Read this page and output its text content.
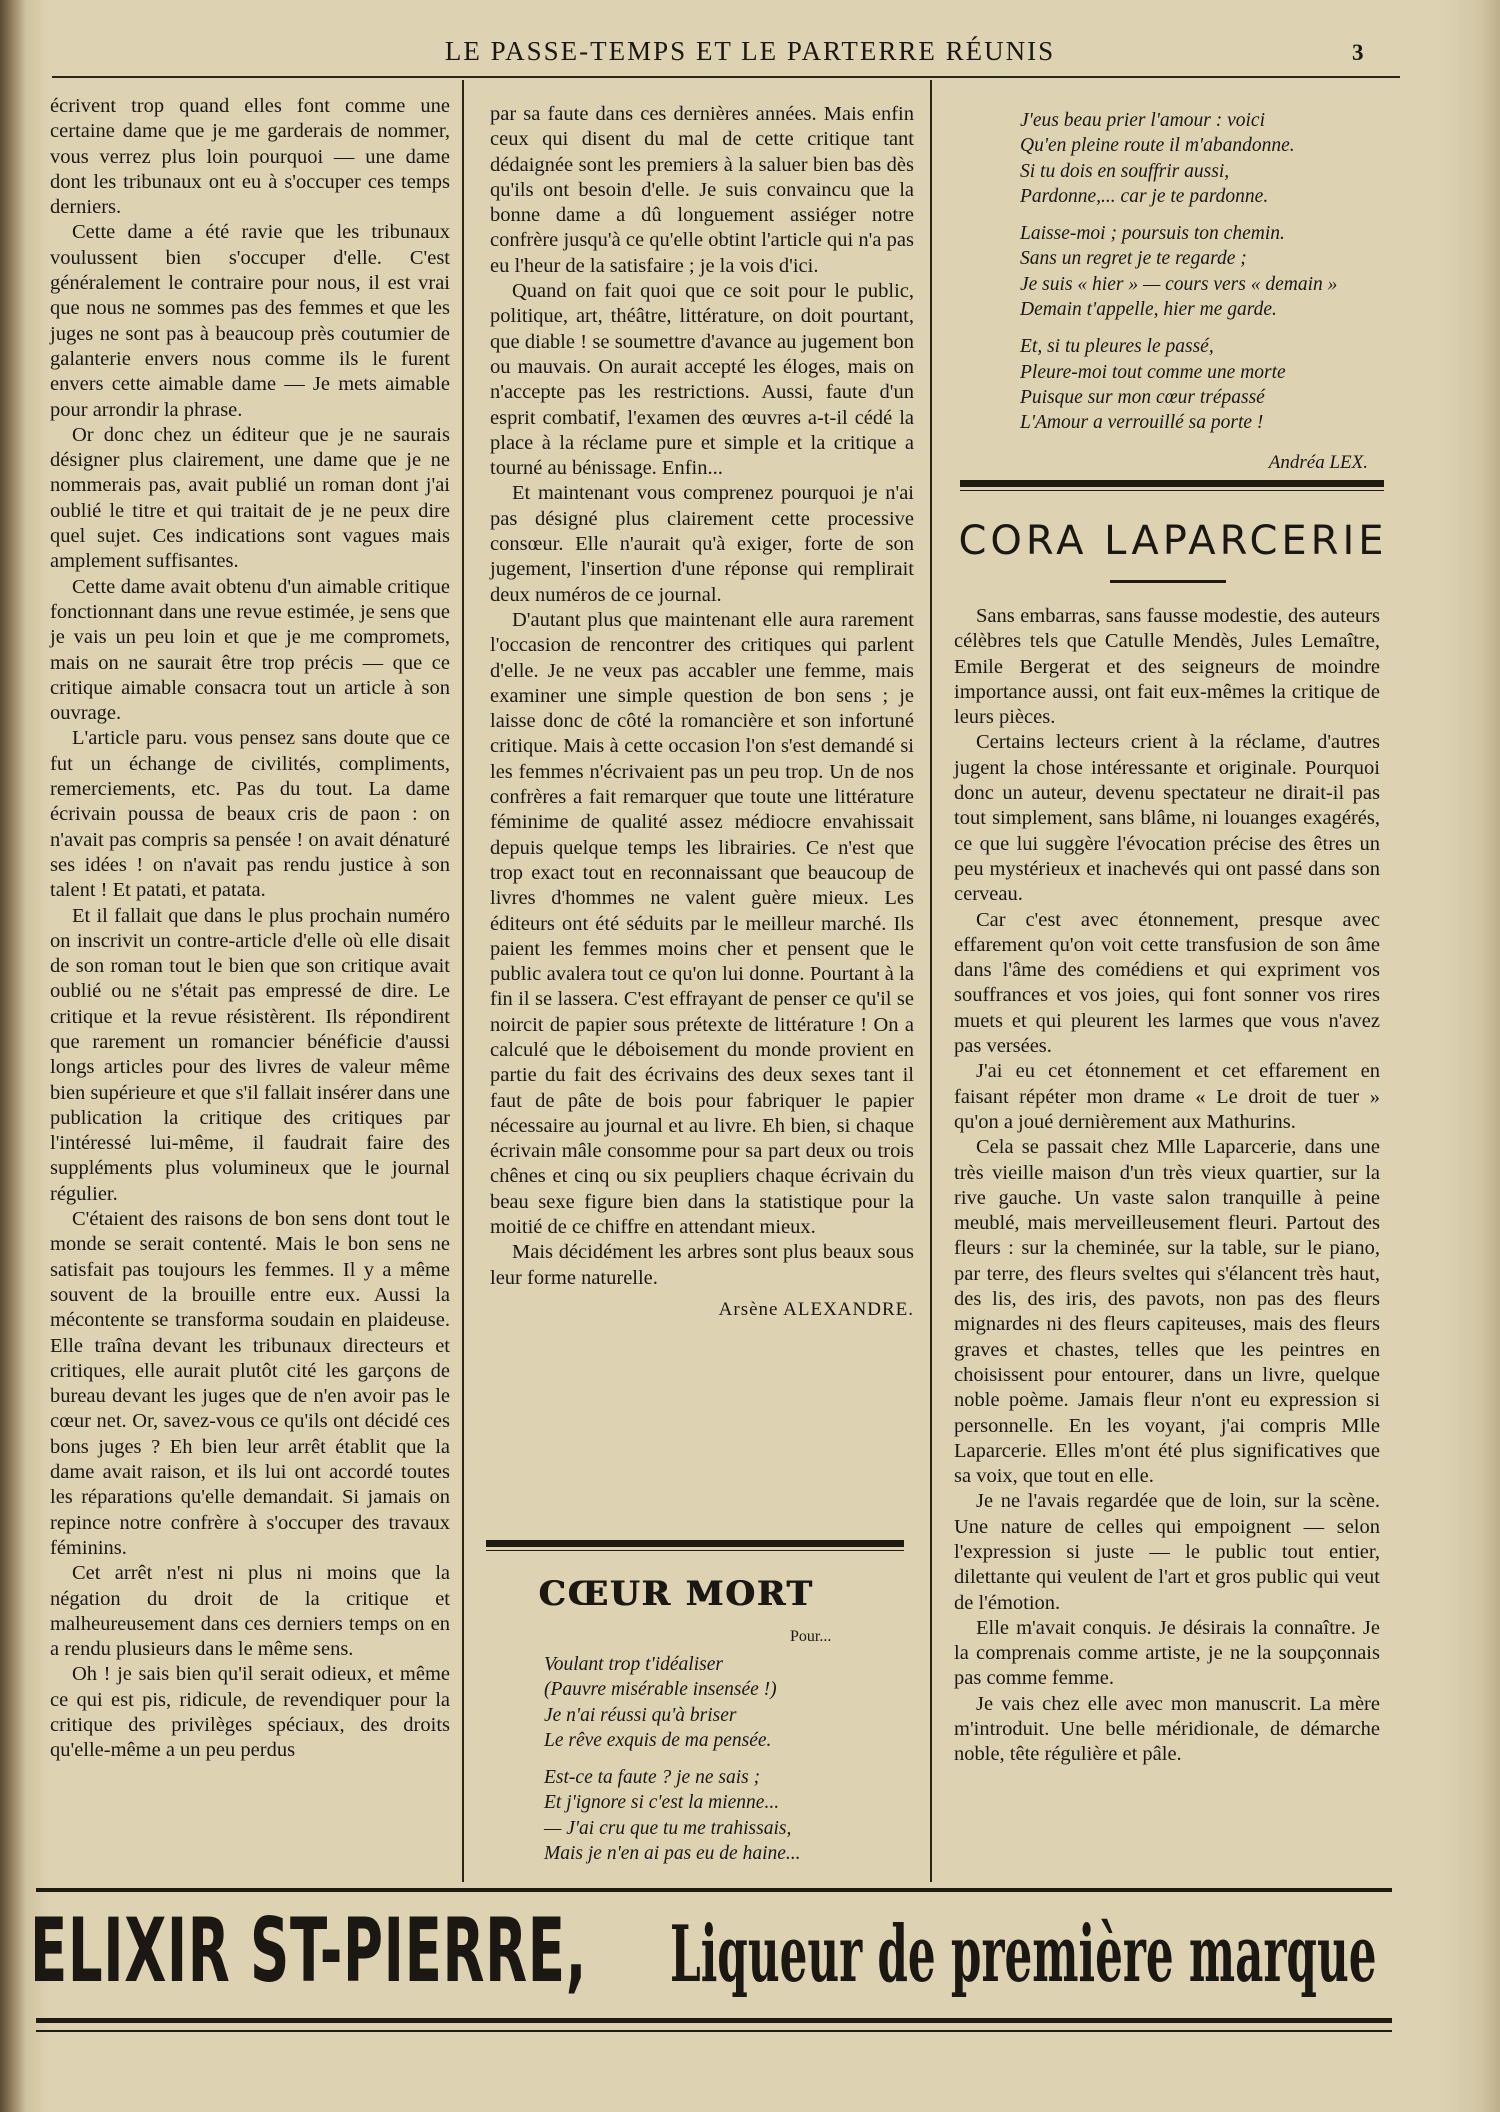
LE PASSE-TEMPS ET LE PARTERRE RÉUNIS	3

écrivent trop quand elles font comme une certaine dame que je me garderais de nommer, vous verrez plus loin pourquoi — une dame dont les tribunaux ont eu à s'occuper ces temps derniers.

Cette dame a été ravie que les tribunaux voulussent bien s'occuper d'elle. C'est généralement le contraire pour nous, il est vrai que nous ne sommes pas des femmes et que les juges ne sont pas à beaucoup près coutumier de galanterie envers nous comme ils le furent envers cette aimable dame — Je mets aimable pour arrondir la phrase.

Or donc chez un éditeur que je ne saurais désigner plus clairement, une dame que je ne nommerais pas, avait publié un roman dont j'ai oublié le titre et qui traitait de je ne peux dire quel sujet. Ces indications sont vagues mais amplement suffisantes.

Cette dame avait obtenu d'un aimable critique fonctionnant dans une revue estimée, je sens que je vais un peu loin et que je me compromets, mais on ne saurait être trop précis — que ce critique aimable consacra tout un article à son ouvrage.

L'article paru. vous pensez sans doute que ce fut un échange de civilités, compliments, remerciements, etc. Pas du tout. La dame écrivain poussa de beaux cris de paon : on n'avait pas compris sa pensée ! on avait dénaturé ses idées ! on n'avait pas rendu justice à son talent ! Et patati, et patata.

Et il fallait que dans le plus prochain numéro on inscrivit un contre-article d'elle où elle disait de son roman tout le bien que son critique avait oublié ou ne s'était pas empressé de dire. Le critique et la revue résistèrent. Ils répondirent que rarement un romancier bénéficie d'aussi longs articles pour des livres de valeur même bien supérieure et que s'il fallait insérer dans une publication la critique des critiques par l'intéressé lui-même, il faudrait faire des suppléments plus volumineux que le journal régulier.

C'étaient des raisons de bon sens dont tout le monde se serait contenté. Mais le bon sens ne satisfait pas toujours les femmes. Il y a même souvent de la brouille entre eux. Aussi la mécontente se transforma soudain en plaideuse. Elle traîna devant les tribunaux directeurs et critiques, elle aurait plutôt cité les garçons de bureau devant les juges que de n'en avoir pas le cœur net. Or, savez-vous ce qu'ils ont décidé ces bons juges ? Eh bien leur arrêt établit que la dame avait raison, et ils lui ont accordé toutes les réparations qu'elle demandait. Si jamais on repince notre confrère à s'occuper des travaux féminins.

Cet arrêt n'est ni plus ni moins que la négation du droit de la critique et malheureusement dans ces derniers temps on en a rendu plusieurs dans le même sens.

Oh ! je sais bien qu'il serait odieux, et même ce qui est pis, ridicule, de revendiquer pour la critique des privilèges spéciaux, des droits qu'elle-même a un peu perdus

par sa faute dans ces dernières années. Mais enfin ceux qui disent du mal de cette critique tant dédaignée sont les premiers à la saluer bien bas dès qu'ils ont besoin d'elle. Je suis convaincu que la bonne dame a dû longuement assiéger notre confrère jusqu'à ce qu'elle obtint l'article qui n'a pas eu l'heur de la satisfaire ; je la vois d'ici.

Quand on fait quoi que ce soit pour le public, politique, art, théâtre, littérature, on doit pourtant, que diable ! se soumettre d'avance au jugement bon ou mauvais. On aurait accepté les éloges, mais on n'accepte pas les restrictions. Aussi, faute d'un esprit combatif, l'examen des œuvres a-t-il cédé la place à la réclame pure et simple et la critique a tourné au bénissage. Enfin...

Et maintenant vous comprenez pourquoi je n'ai pas désigné plus clairement cette processive consœur. Elle n'aurait qu'à exiger, forte de son jugement, l'insertion d'une réponse qui remplirait deux numéros de ce journal.

D'autant plus que maintenant elle aura rarement l'occasion de rencontrer des critiques qui parlent d'elle. Je ne veux pas accabler une femme, mais examiner une simple question de bon sens ; je laisse donc de côté la romancière et son infortuné critique. Mais à cette occasion l'on s'est demandé si les femmes n'écrivaient pas un peu trop. Un de nos confrères a fait remarquer que toute une littérature féminime de qualité assez médiocre envahissait depuis quelque temps les librairies. Ce n'est que trop exact tout en reconnaissant que beaucoup de livres d'hommes ne valent guère mieux. Les éditeurs ont été séduits par le meilleur marché. Ils paient les femmes moins cher et pensent que le public avalera tout ce qu'on lui donne. Pourtant à la fin il se lassera. C'est effrayant de penser ce qu'il se noircit de papier sous prétexte de littérature ! On a calculé que le déboisement du monde provient en partie du fait des écrivains des deux sexes tant il faut de pâte de bois pour fabriquer le papier nécessaire au journal et au livre. Eh bien, si chaque écrivain mâle consomme pour sa part deux ou trois chênes et cinq ou six peupliers chaque écrivain du beau sexe figure bien dans la statistique pour la moitié de ce chiffre en attendant mieux.

Mais décidément les arbres sont plus beaux sous leur forme naturelle.

Arsène ALEXANDRE.
CŒUR MORT
Pour...
Voulant trop t'idéaliser
(Pauvre misérable insensée !)
Je n'ai réussi qu'à briser
Le rêve exquis de ma pensée.
Est-ce ta faute ? je ne sais ;
Et j'ignore si c'est la mienne...
— J'ai cru que tu me trahissais,
Mais je n'en ai pas eu de haine...
J'eus beau prier l'amour : voici
Qu'en pleine route il m'abandonne.
Si tu dois en souffrir aussi,
Pardonne,... car je te pardonne.
Laisse-moi ; poursuis ton chemin.
Sans un regret je te regarde ;
Je suis « hier » — cours vers « demain »
Demain t'appelle, hier me garde.
Et, si tu pleures le passé,
Pleure-moi tout comme une morte
Puisque sur mon cœur trépassé
L'Amour a verrouillé sa porte !
Andréa LEX.
CORA LAPARCERIE

Sans embarras, sans fausse modestie, des auteurs célèbres tels que Catulle Mendès, Jules Lemaître, Emile Bergerat et des seigneurs de moindre importance aussi, ont fait eux-mêmes la critique de leurs pièces.

Certains lecteurs crient à la réclame, d'autres jugent la chose intéressante et originale. Pourquoi donc un auteur, devenu spectateur ne dirait-il pas tout simplement, sans blâme, ni louanges exagérés, ce que lui suggère l'évocation précise des êtres un peu mystérieux et inachevés qui ont passé dans son cerveau.

Car c'est avec étonnement, presque avec effarement qu'on voit cette transfusion de son âme dans l'âme des comédiens et qui expriment vos souffrances et vos joies, qui font sonner vos rires muets et qui pleurent les larmes que vous n'avez pas versées.

J'ai eu cet étonnement et cet effarement en faisant répéter mon drame « Le droit de tuer » qu'on a joué dernièrement aux Mathurins.

Cela se passait chez Mlle Laparcerie, dans une très vieille maison d'un très vieux quartier, sur la rive gauche. Un vaste salon tranquille à peine meublé, mais merveilleusement fleuri. Partout des fleurs : sur la cheminée, sur la table, sur le piano, par terre, des fleurs sveltes qui s'élancent très haut, des lis, des iris, des pavots, non pas des fleurs mignardes ni des fleurs capiteuses, mais des fleurs graves et chastes, telles que les peintres en choisissent pour entourer, dans un livre, quelque noble poème. Jamais fleur n'ont eu expression si personnelle. En les voyant, j'ai compris Mlle Laparcerie. Elles m'ont été plus significatives que sa voix, que tout en elle.

Je ne l'avais regardée que de loin, sur la scène. Une nature de celles qui empoignent — selon l'expression si juste — le public tout entier, dilettante qui veulent de l'art et gros public qui veut de l'émotion.

Elle m'avait conquis. Je désirais la connaître. Je la comprenais comme artiste, je ne la soupçonnais pas comme femme.

Je vais chez elle avec mon manuscrit. La mère m'introduit. Une belle méridionale, de démarche noble, tête régulière et pâle.

ELIXIR ST-PIERRE, Liqueur de première marque
